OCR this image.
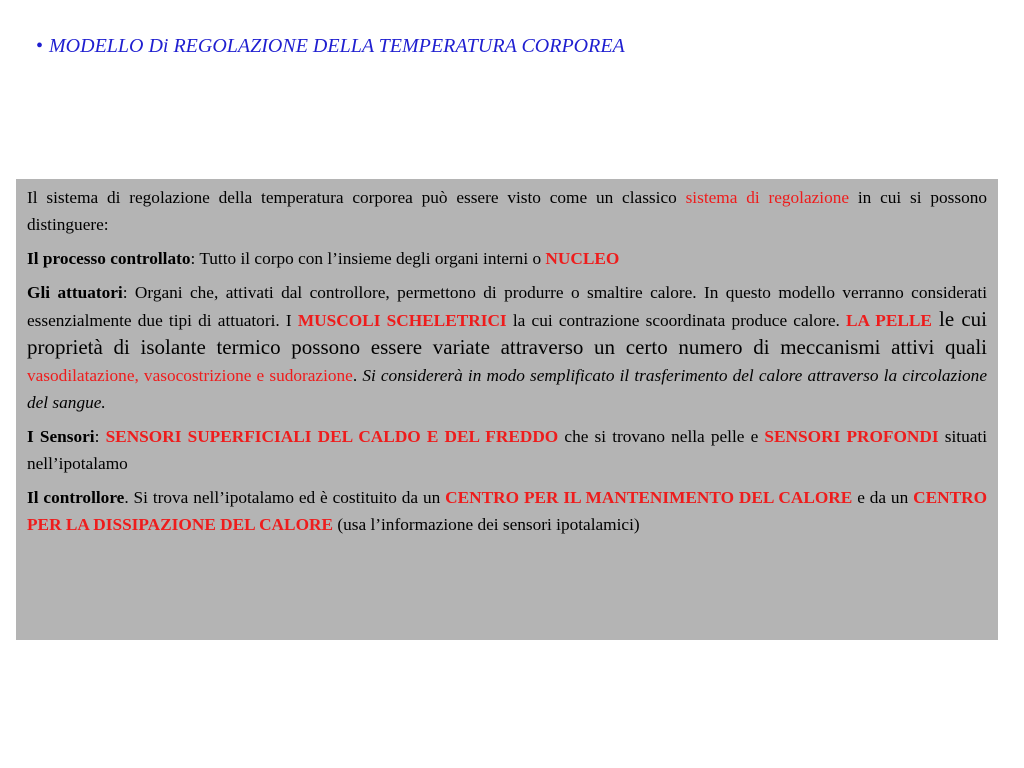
• MODELLO Di REGOLAZIONE DELLA TEMPERATURA CORPOREA

Il sistema di regolazione della temperatura corporea può essere visto come un classico sistema di regolazione in cui si possono distinguere:

Il processo controllato: Tutto il corpo con l’insieme degli organi interni o NUCLEO

Gli attuatori: Organi che, attivati dal controllore, permettono di produrre o smaltire calore. In questo modello verranno considerati essenzialmente due tipi di attuatori. I MUSCOLI SCHELETRICI la cui contrazione scoordinata produce calore. LA PELLE le cui proprietà di isolante termico possono essere variate attraverso un certo numero di meccanismi attivi quali vasodilatazione, vasocostrizione e sudorazione. Si considererà in modo semplificato il trasferimento del calore attraverso la circolazione del sangue.

I Sensori: SENSORI SUPERFICIALI DEL CALDO E DEL FREDDO che si trovano nella pelle e SENSORI PROFONDI situati nell’ipotalamo

Il controllore. Si trova nell’ipotalamo ed è costituito da un CENTRO PER IL MANTENIMENTO DEL CALORE e da un CENTRO PER LA DISSIPAZIONE DEL CALORE (usa l’informazione dei sensori ipotalamici)
